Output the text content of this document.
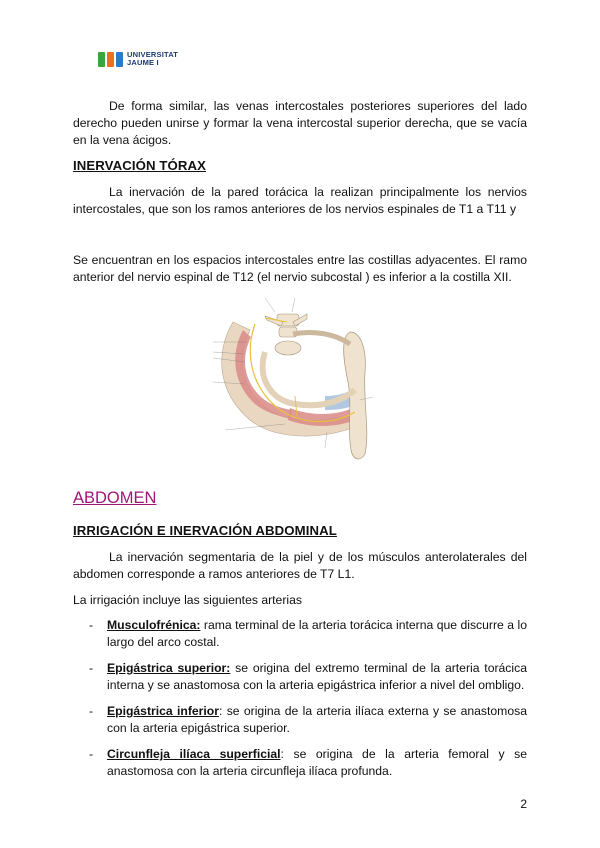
UNIVERSITAT
JAUME I

De forma similar, las venas intercostales posteriores superiores del lado derecho pueden unirse y formar la vena intercostal superior derecha, que se vacía en la vena ácigos.

INERVACIÓN TÓRAX

La inervación de la pared torácica la realizan principalmente los nervios intercostales, que son los ramos anteriores de los nervios espinales de T1 a T11 y

Se encuentran en los espacios intercostales entre las costillas adyacentes. El ramo anterior del nervio espinal de T12 (el nervio subcostal ) es inferior a la costilla XII.

ABDOMEN
IRRIGACIÓN E INERVACIÓN ABDOMINAL

La inervación segmentaria de la piel y de los músculos anterolaterales del abdomen corresponde a ramos anteriores de T7 L1.

La irrigación incluye las siguientes arterias

- Musculofrénica: rama terminal de la arteria torácica interna que discurre a lo largo del arco costal.
- Epigástrica superior: se origina del extremo terminal de la arteria torácica interna y se anastomosa con la arteria epigástrica inferior a nivel del ombligo.
- Epigástrica inferior: se origina de la arteria ilíaca externa y se anastomosa con la arteria epigástrica superior.
- Circunfleja ilíaca superficial: se origina de la arteria femoral y se anastomosa con la arteria circunfleja ilíaca profunda.
2
